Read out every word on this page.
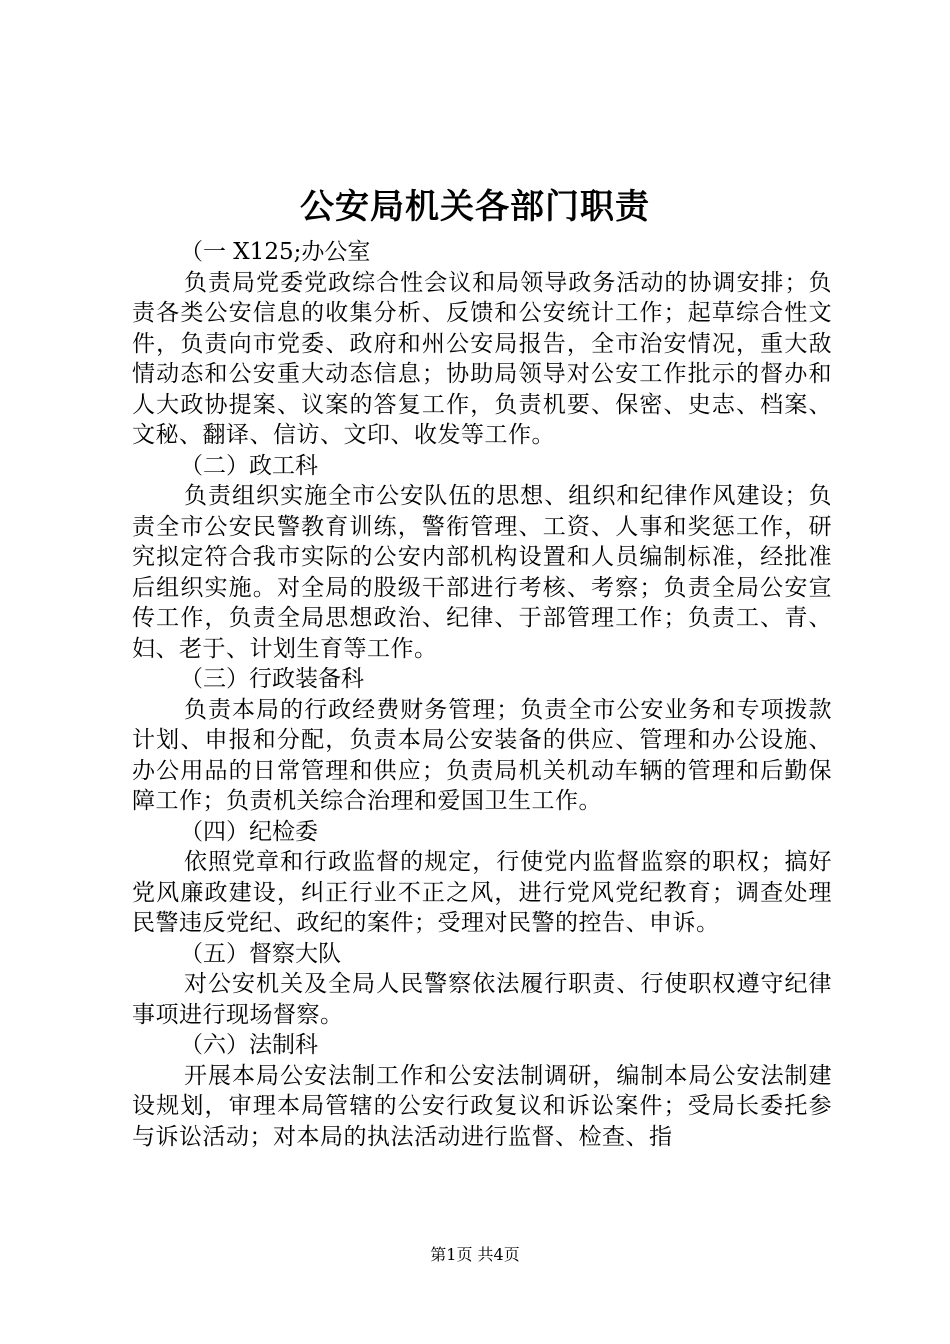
公安局机关各部门职责
（一 X125;办公室
负责局党委党政综合性会议和局领导政务活动的协调安排；负责各类公安信息的收集分析、反馈和公安统计工作；起草综合性文件，负责向市党委、政府和州公安局报告，全市治安情况，重大敌情动态和公安重大动态信息；协助局领导对公安工作批示的督办和人大政协提案、议案的答复工作，负责机要、保密、史志、档案、文秘、翻译、信访、文印、收发等工作。
（二）政工科
负责组织实施全市公安队伍的思想、组织和纪律作风建设；负责全市公安民警教育训练，警衔管理、工资、人事和奖惩工作，研究拟定符合我市实际的公安内部机构设置和人员编制标准，经批准后组织实施。对全局的股级干部进行考核、考察；负责全局公安宣传工作，负责全局思想政治、纪律、于部管理工作；负责工、青、妇、老于、计划生育等工作。
（三）行政装备科
负责本局的行政经费财务管理；负责全市公安业务和专项拨款计划、申报和分配，负责本局公安装备的供应、管理和办公设施、办公用品的日常管理和供应；负责局机关机动车辆的管理和后勤保障工作；负责机关综合治理和爱国卫生工作。
（四）纪检委
依照党章和行政监督的规定，行使党内监督监察的职权；搞好党风廉政建设，纠正行业不正之风，进行党风党纪教育；调查处理民警违反党纪、政纪的案件；受理对民警的控告、申诉。
（五）督察大队
对公安机关及全局人民警察依法履行职责、行使职权遵守纪律事项进行现场督察。
（六）法制科
开展本局公安法制工作和公安法制调研，编制本局公安法制建设规划，审理本局管辖的公安行政复议和诉讼案件；受局长委托参与诉讼活动；对本局的执法活动进行监督、检查、指
第1页 共4页
